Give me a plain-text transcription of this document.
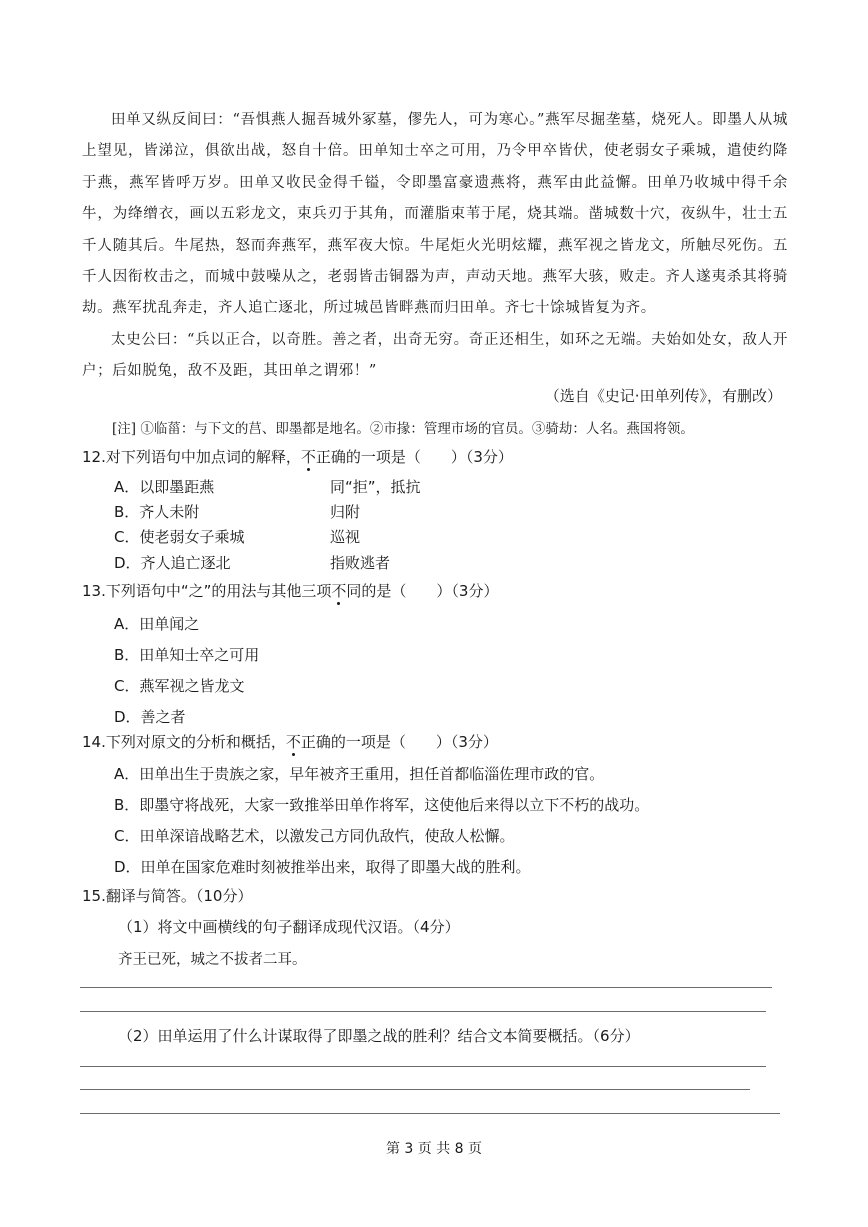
田单又纵反间曰：“吾惧燕人掘吾城外冢墓，僇先人，可为寒心。”燕军尽掘垄墓，烧死人。即墨人从城上望见，皆涕泣，俱欲出战，怒自十倍。田单知士卒之可用，乃令甲卒皆伏，使老弱女子乘城，遣使约降于燕，燕军皆呼万岁。田单又收民金得千镒，令即墨富豪遗燕将，燕军由此益懈。田单乃收城中得千余牛，为绛缯衣，画以五彩龙文，束兵刃于其角，而灌脂束苇于尾，烧其端。凿城数十穴，夜纵牛，壮士五千人随其后。牛尾热，怒而奔燕军，燕军夜大惊。牛尾炬火光明炫耀，燕军视之皆龙文，所触尽死伤。五千人因衔枚击之，而城中鼓噪从之，老弱皆击铜器为声，声动天地。燕军大骇，败走。齐人遂夷杀其将骑劫。燕军扰乱奔走，齐人追亡逐北，所过城邑皆畔燕而归田单。齐七十馀城皆复为齐。

太史公曰：“兵以正合，以奇胜。善之者，出奇无穷。奇正还相生，如环之无端。夫始如处女，敌人开户；后如脱兔，敌不及距，其田单之谓邪！”

（选自《史记·田单列传》，有删改）
[注] ①临菑：与下文的莒、即墨都是地名。②市掾：管理市场的官员。③骑劫：人名。燕国将领。
12.对下列语句中加点词的解释，不正确的一项是（　　）（3分）
A．以即墨距燕	同“拒”，抵抗
B．齐人未附	归附
C．使老弱女子乘城	巡视
D．齐人追亡逐北	指败逃者
13.下列语句中“之”的用法与其他三项不同的是（　　）（3分）
A．田单闻之
B．田单知士卒之可用
C．燕军视之皆龙文
D．善之者
14.下列对原文的分析和概括，不正确的一项是（　　）（3分）
A．田单出生于贵族之家，早年被齐王重用，担任首都临淄佐理市政的官。
B．即墨守将战死，大家一致推举田单作将军，这使他后来得以立下不朽的战功。
C．田单深谙战略艺术，以激发己方同仇敌忾，使敌人松懈。
D．田单在国家危难时刻被推举出来，取得了即墨大战的胜利。
15.翻译与简答。（10分）
（1）将文中画横线的句子翻译成现代汉语。（4分）
齐王已死，城之不拔者二耳。
（2）田单运用了什么计谋取得了即墨之战的胜利？结合文本简要概括。（6分）
第 3 页 共 8 页
